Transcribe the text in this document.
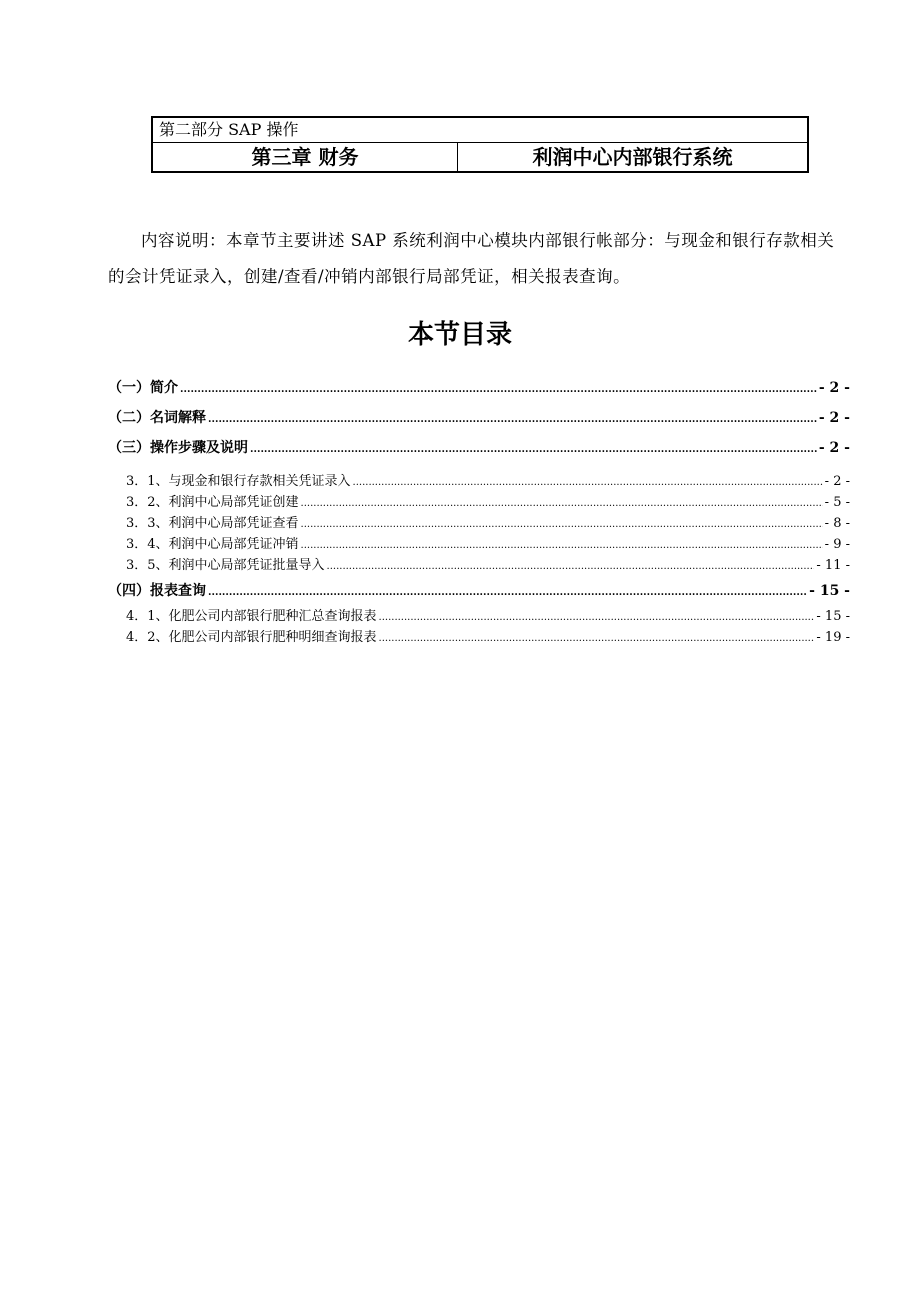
第二部分 SAP 操作
第三章 财务	利润中心内部银行系统

内容说明：本章节主要讲述 SAP 系统利润中心模块内部银行帐部分：与现金和银行存款相关的会计凭证录入，创建/查看/冲销内部银行局部凭证，相关报表查询。

本节目录
（一）简介 .....	- 2 -
（二）名词解释 .....	- 2 -
（三）操作步骤及说明 .....	- 2 -
3．1、与现金和银行存款相关凭证录入 .....	- 2 -
3．2、利润中心局部凭证创建 .....	- 5 -
3．3、利润中心局部凭证查看 .....	- 8 -
3．4、利润中心局部凭证冲销 .....	- 9 -
3．5、利润中心局部凭证批量导入 .....	- 11 -
（四）报表查询 .....	- 15 -
4．1、化肥公司内部银行肥种汇总查询报表 .....	- 15 -
4．2、化肥公司内部银行肥种明细查询报表 .....	- 19 -
